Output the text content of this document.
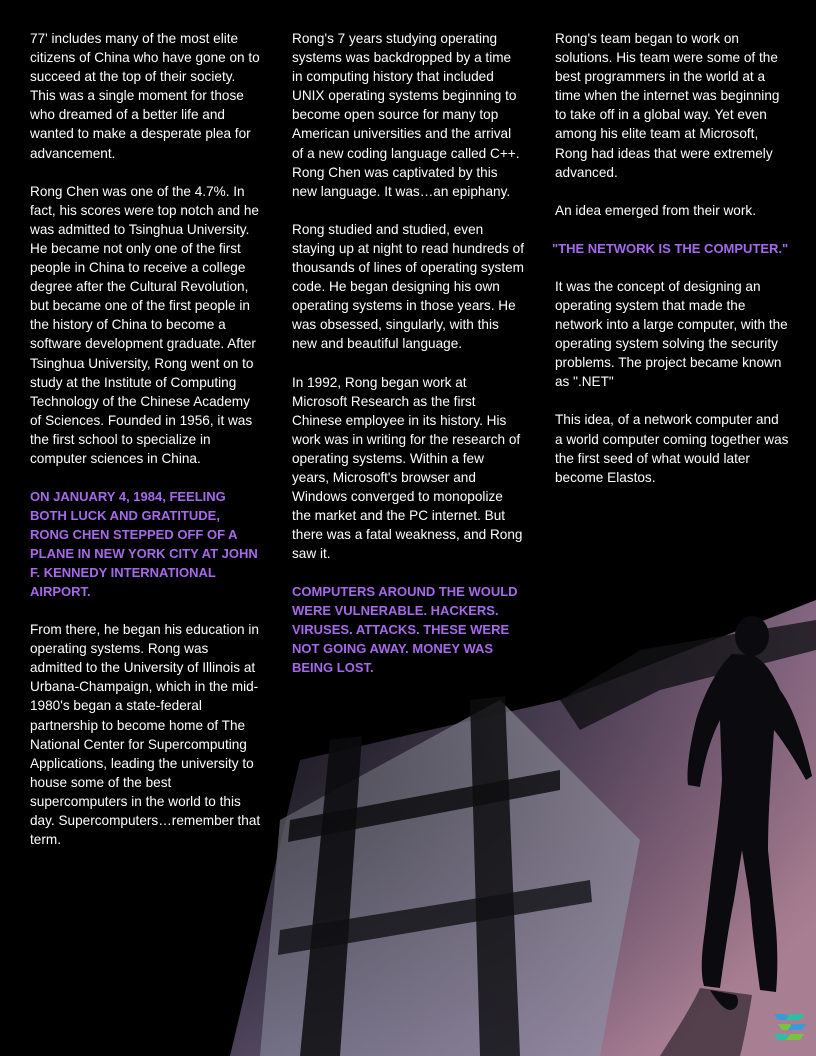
77' includes many of the most elite citizens of China who have gone on to succeed at the top of their society. This was a single moment for those who dreamed of a better life and wanted to make a desperate plea for advancement.

Rong Chen was one of the 4.7%. In fact, his scores were top notch and he was admitted to Tsinghua University. He became not only one of the first people in China to receive a college degree after the Cultural Revolution, but became one of the first people in the history of China to become a software development graduate. After Tsinghua University, Rong went on to study at the Institute of Computing Technology of the Chinese Academy of Sciences. Founded in 1956, it was the first school to specialize in computer sciences in China.

ON JANUARY 4, 1984, FEELING BOTH LUCK AND GRATITUDE, RONG CHEN STEPPED OFF OF A PLANE IN NEW YORK CITY AT JOHN F. KENNEDY INTERNATIONAL AIRPORT.

From there, he began his education in operating systems. Rong was admitted to the University of Illinois at Urbana-Champaign, which in the mid-1980's began a state-federal partnership to become home of The National Center for Supercomputing Applications, leading the university to house some of the best supercomputers in the world to this day. Supercomputers…remember that term.

Rong's 7 years studying operating systems was backdropped by a time in computing history that included UNIX operating systems beginning to become open source for many top American universities and the arrival of a new coding language called C++. Rong Chen was captivated by this new language. It was…an epiphany.

Rong studied and studied, even staying up at night to read hundreds of thousands of lines of operating system code. He began designing his own operating systems in those years. He was obsessed, singularly, with this new and beautiful language.

In 1992, Rong began work at Microsoft Research as the first Chinese employee in its history. His work was in writing for the research of operating systems. Within a few years, Microsoft's browser and Windows converged to monopolize the market and the PC internet. But there was a fatal weakness, and Rong saw it.

COMPUTERS AROUND THE WOULD WERE VULNERABLE. HACKERS. VIRUSES. ATTACKS. THESE WERE NOT GOING AWAY. MONEY WAS BEING LOST.

Rong's team began to work on solutions. His team were some of the best programmers in the world at a time when the internet was beginning to take off in a global way. Yet even among his elite team at Microsoft, Rong had ideas that were extremely advanced.

An idea emerged from their work.

"THE NETWORK IS THE COMPUTER."

It was the concept of designing an operating system that made the network into a large computer, with the operating system solving the security problems. The project became known as ".NET"

This idea, of a network computer and a world computer coming together was the first seed of what would later become Elastos.
